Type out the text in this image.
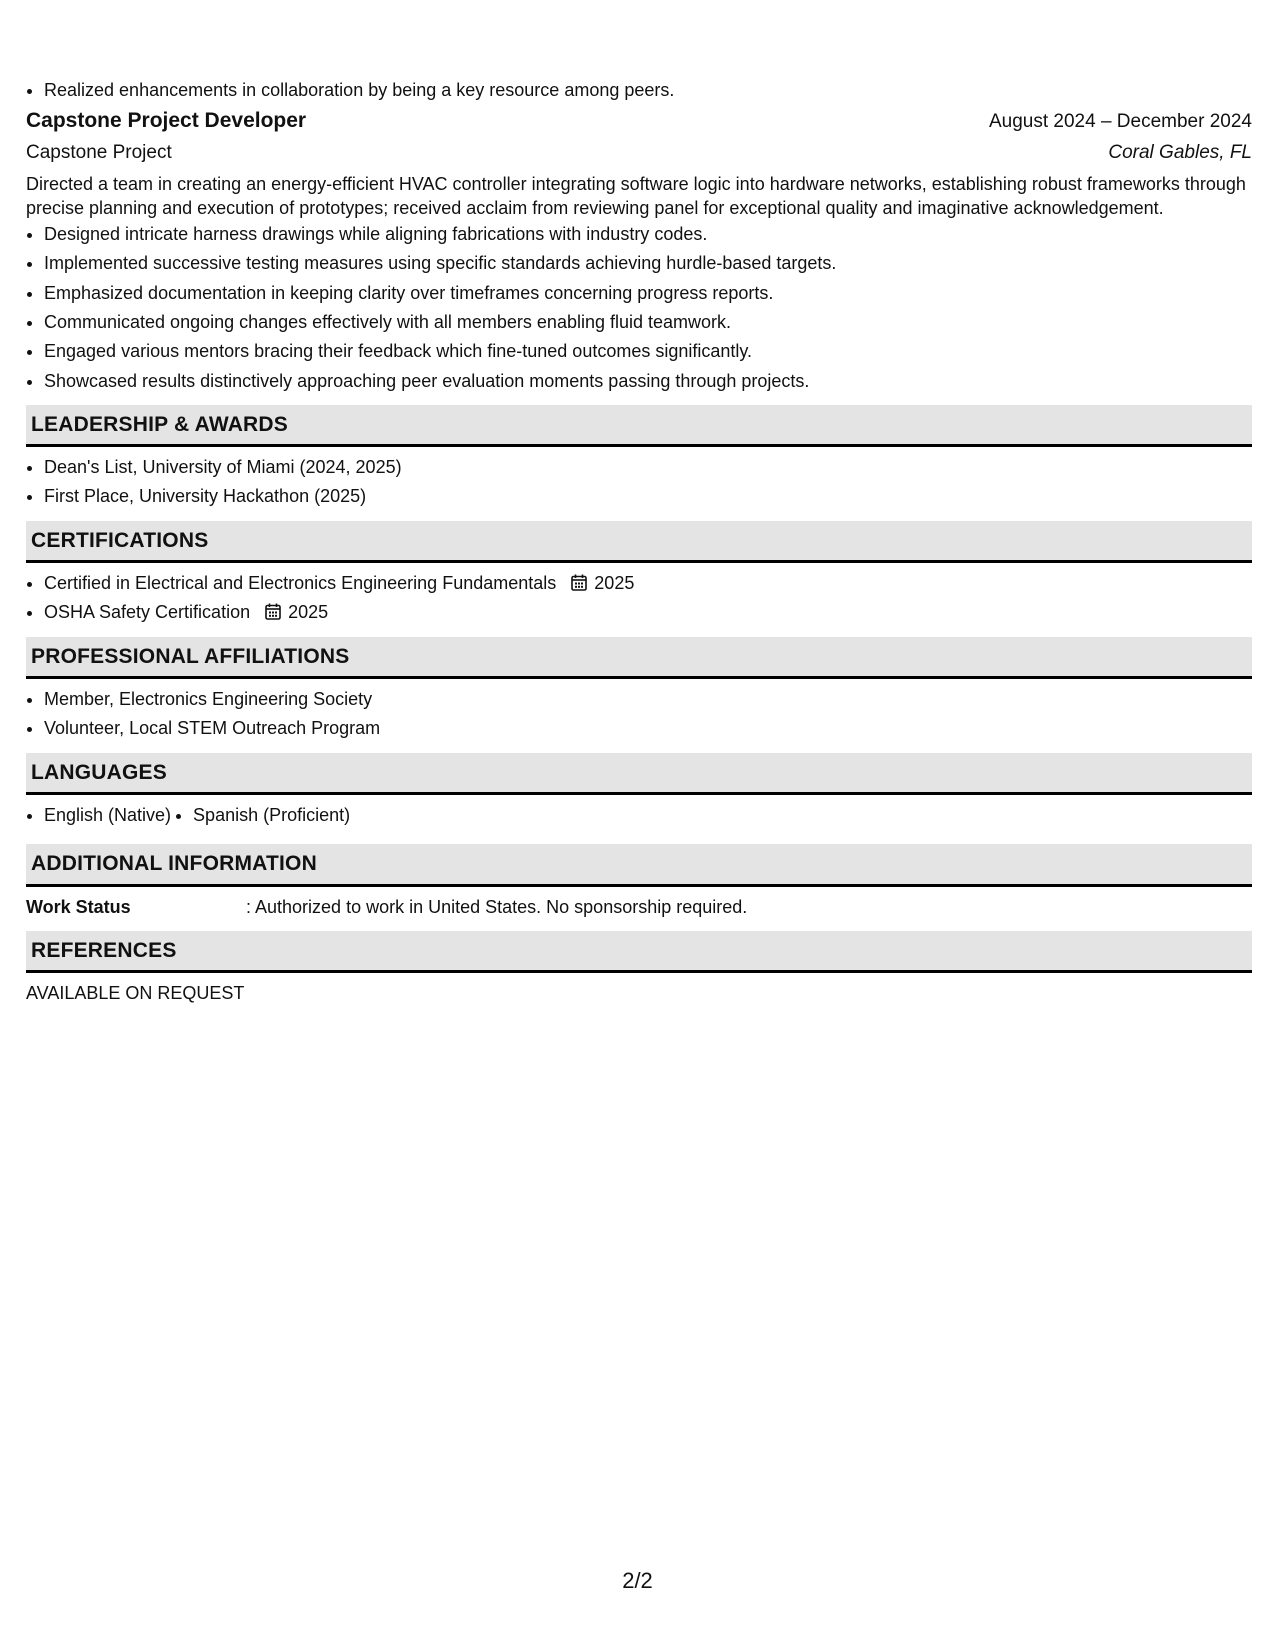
• Realized enhancements in collaboration by being a key resource among peers.
Capstone Project Developer	August 2024 – December 2024
Capstone Project	Coral Gables, FL
Directed a team in creating an energy-efficient HVAC controller integrating software logic into hardware networks, establishing robust frameworks through precise planning and execution of prototypes; received acclaim from reviewing panel for exceptional quality and imaginative acknowledgement.
• Designed intricate harness drawings while aligning fabrications with industry codes.
• Implemented successive testing measures using specific standards achieving hurdle-based targets.
• Emphasized documentation in keeping clarity over timeframes concerning progress reports.
• Communicated ongoing changes effectively with all members enabling fluid teamwork.
• Engaged various mentors bracing their feedback which fine-tuned outcomes significantly.
• Showcased results distinctively approaching peer evaluation moments passing through projects.
LEADERSHIP & AWARDS
• Dean's List, University of Miami (2024, 2025)
• First Place, University Hackathon (2025)
CERTIFICATIONS
• Certified in Electrical and Electronics Engineering Fundamentals 2025
• OSHA Safety Certification 2025
PROFESSIONAL AFFILIATIONS
• Member, Electronics Engineering Society
• Volunteer, Local STEM Outreach Program
LANGUAGES
• English (Native)
• Spanish (Proficient)
ADDITIONAL INFORMATION
Work Status	: Authorized to work in United States. No sponsorship required.
REFERENCES
AVAILABLE ON REQUEST
2/2
